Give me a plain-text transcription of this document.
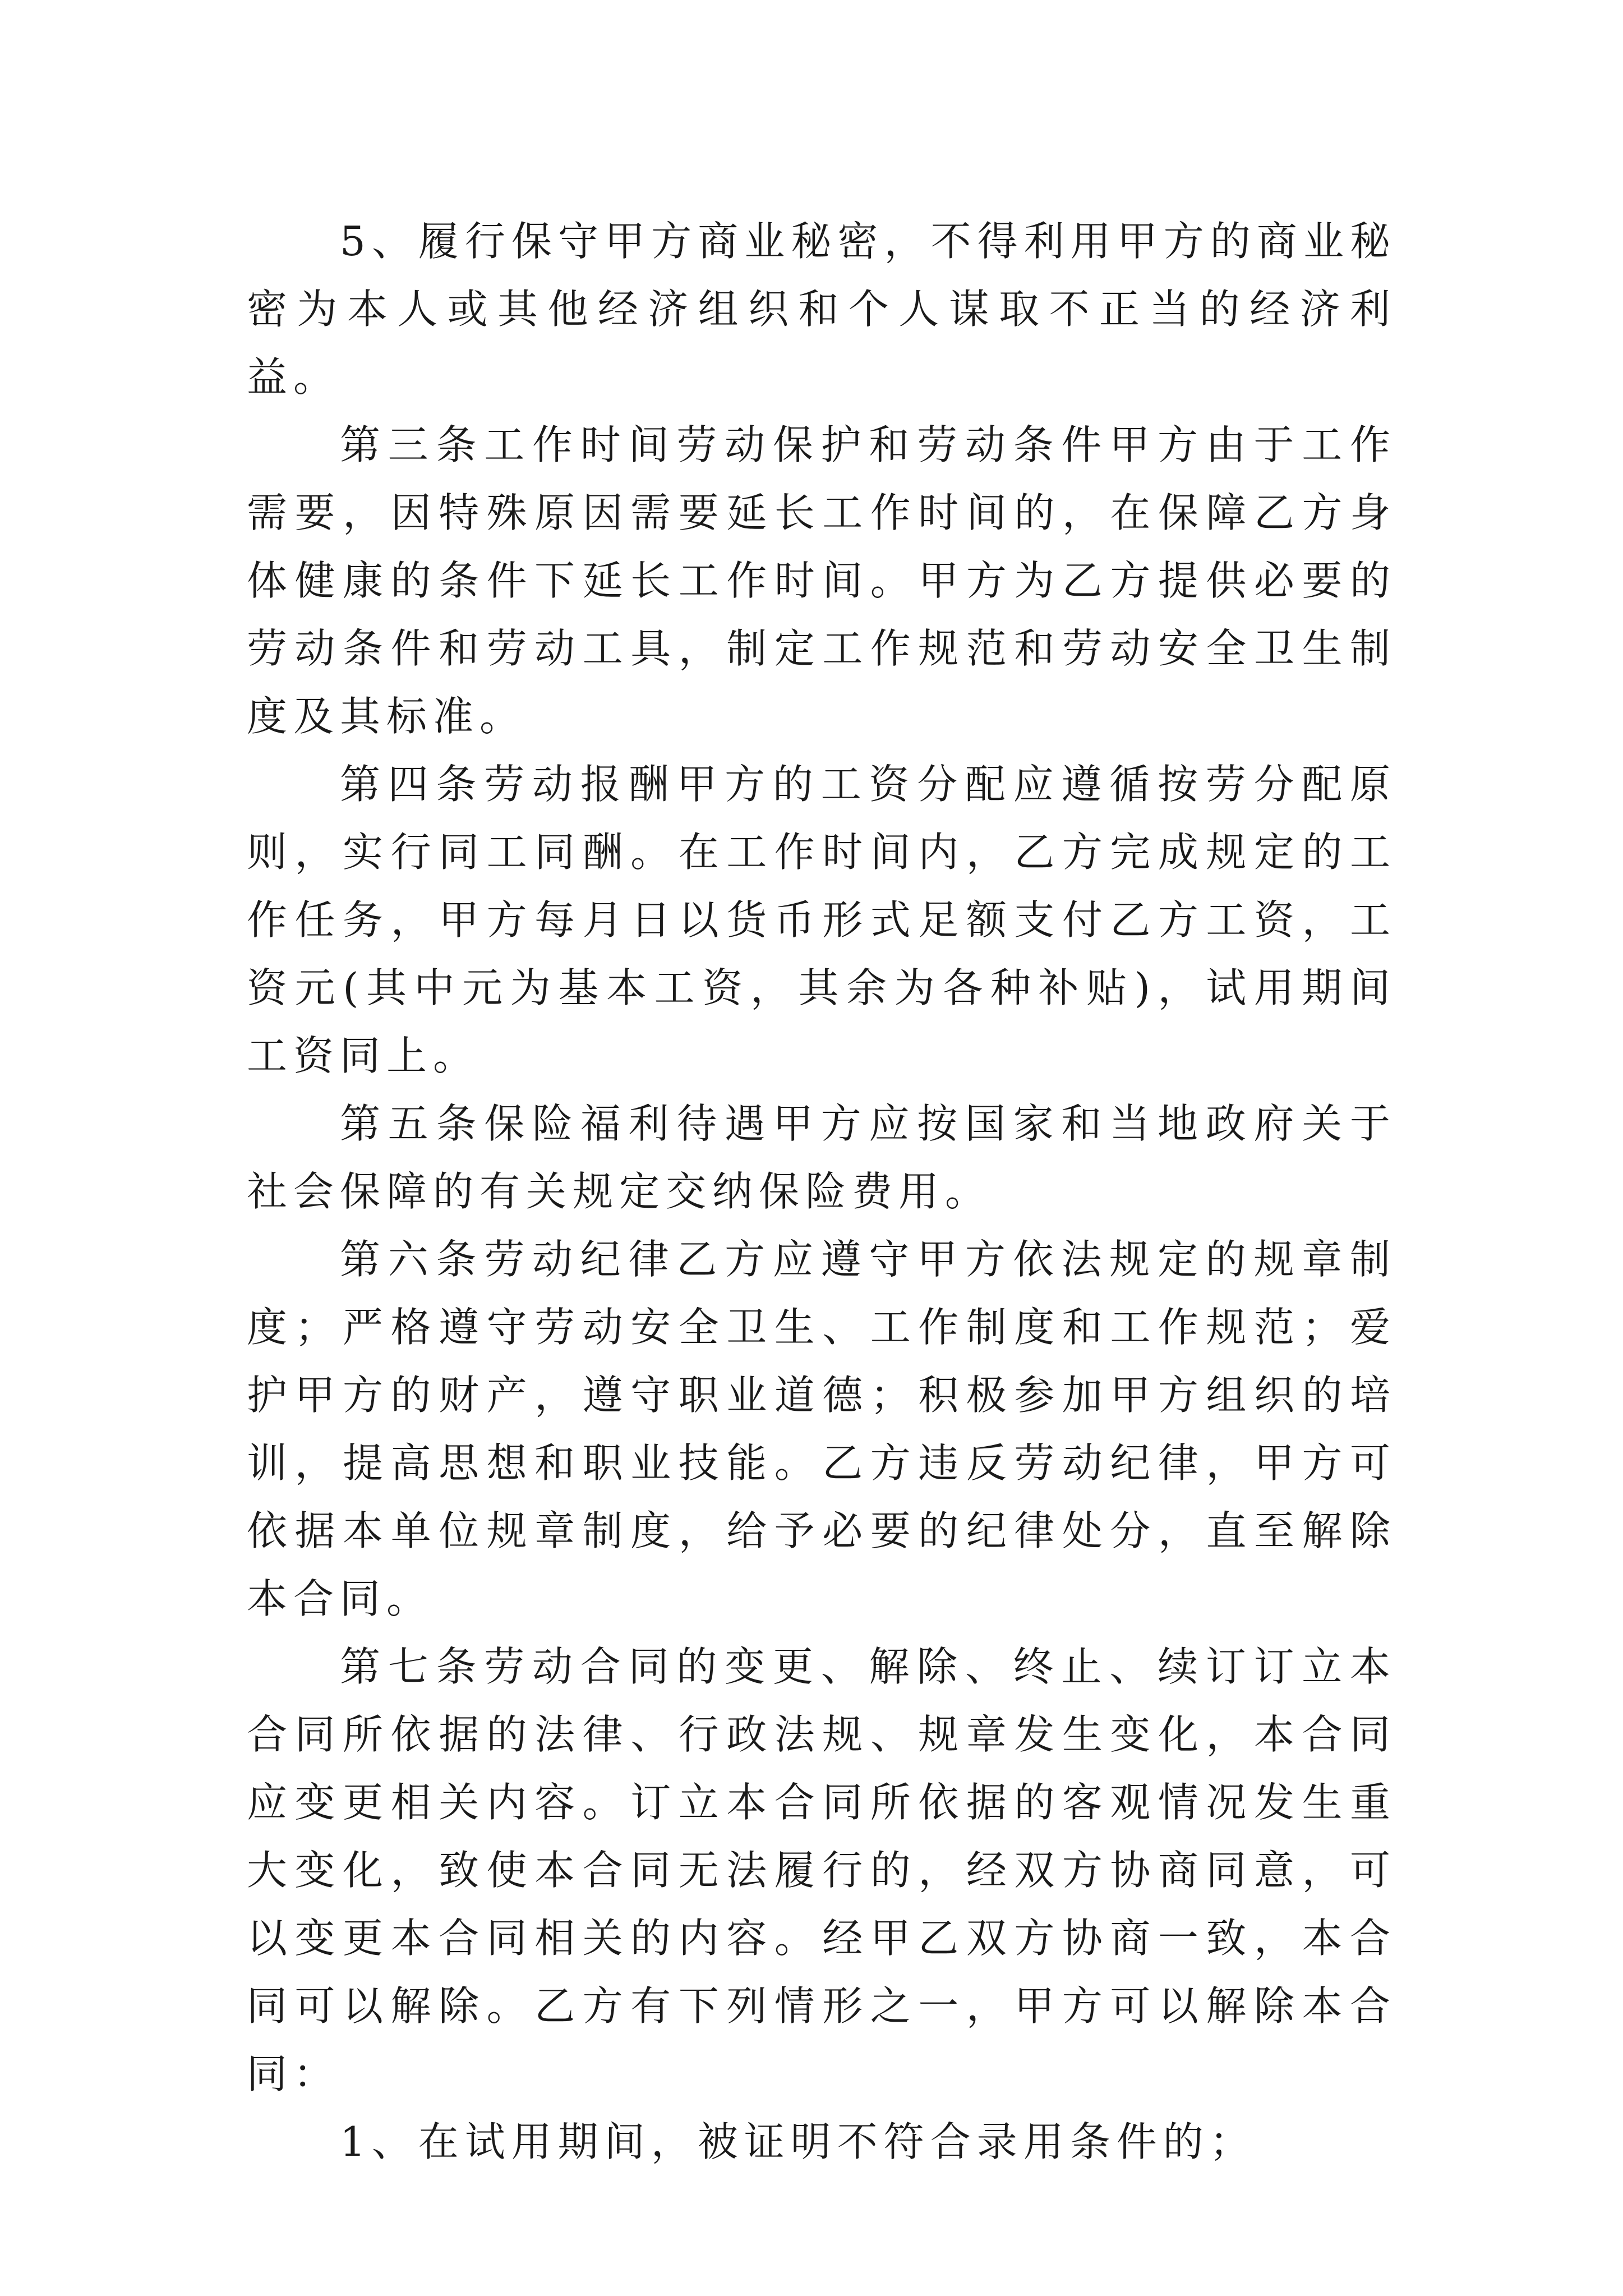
5、履行保守甲方商业秘密，不得利用甲方的商业秘密为本人或其他经济组织和个人谋取不正当的经济利益。

第三条工作时间劳动保护和劳动条件甲方由于工作需要，因特殊原因需要延长工作时间的，在保障乙方身体健康的条件下延长工作时间。甲方为乙方提供必要的劳动条件和劳动工具，制定工作规范和劳动安全卫生制度及其标准。

第四条劳动报酬甲方的工资分配应遵循按劳分配原则，实行同工同酬。在工作时间内，乙方完成规定的工作任务，甲方每月日以货币形式足额支付乙方工资，工资元(其中元为基本工资，其余为各种补贴)，试用期间工资同上。

第五条保险福利待遇甲方应按国家和当地政府关于社会保障的有关规定交纳保险费用。

第六条劳动纪律乙方应遵守甲方依法规定的规章制度；严格遵守劳动安全卫生、工作制度和工作规范；爱护甲方的财产，遵守职业道德；积极参加甲方组织的培训，提高思想和职业技能。乙方违反劳动纪律，甲方可依据本单位规章制度，给予必要的纪律处分，直至解除本合同。

第七条劳动合同的变更、解除、终止、续订订立本合同所依据的法律、行政法规、规章发生变化，本合同应变更相关内容。订立本合同所依据的客观情况发生重大变化，致使本合同无法履行的，经双方协商同意，可以变更本合同相关的内容。经甲乙双方协商一致，本合同可以解除。乙方有下列情形之一，甲方可以解除本合同：

1、在试用期间，被证明不符合录用条件的；
